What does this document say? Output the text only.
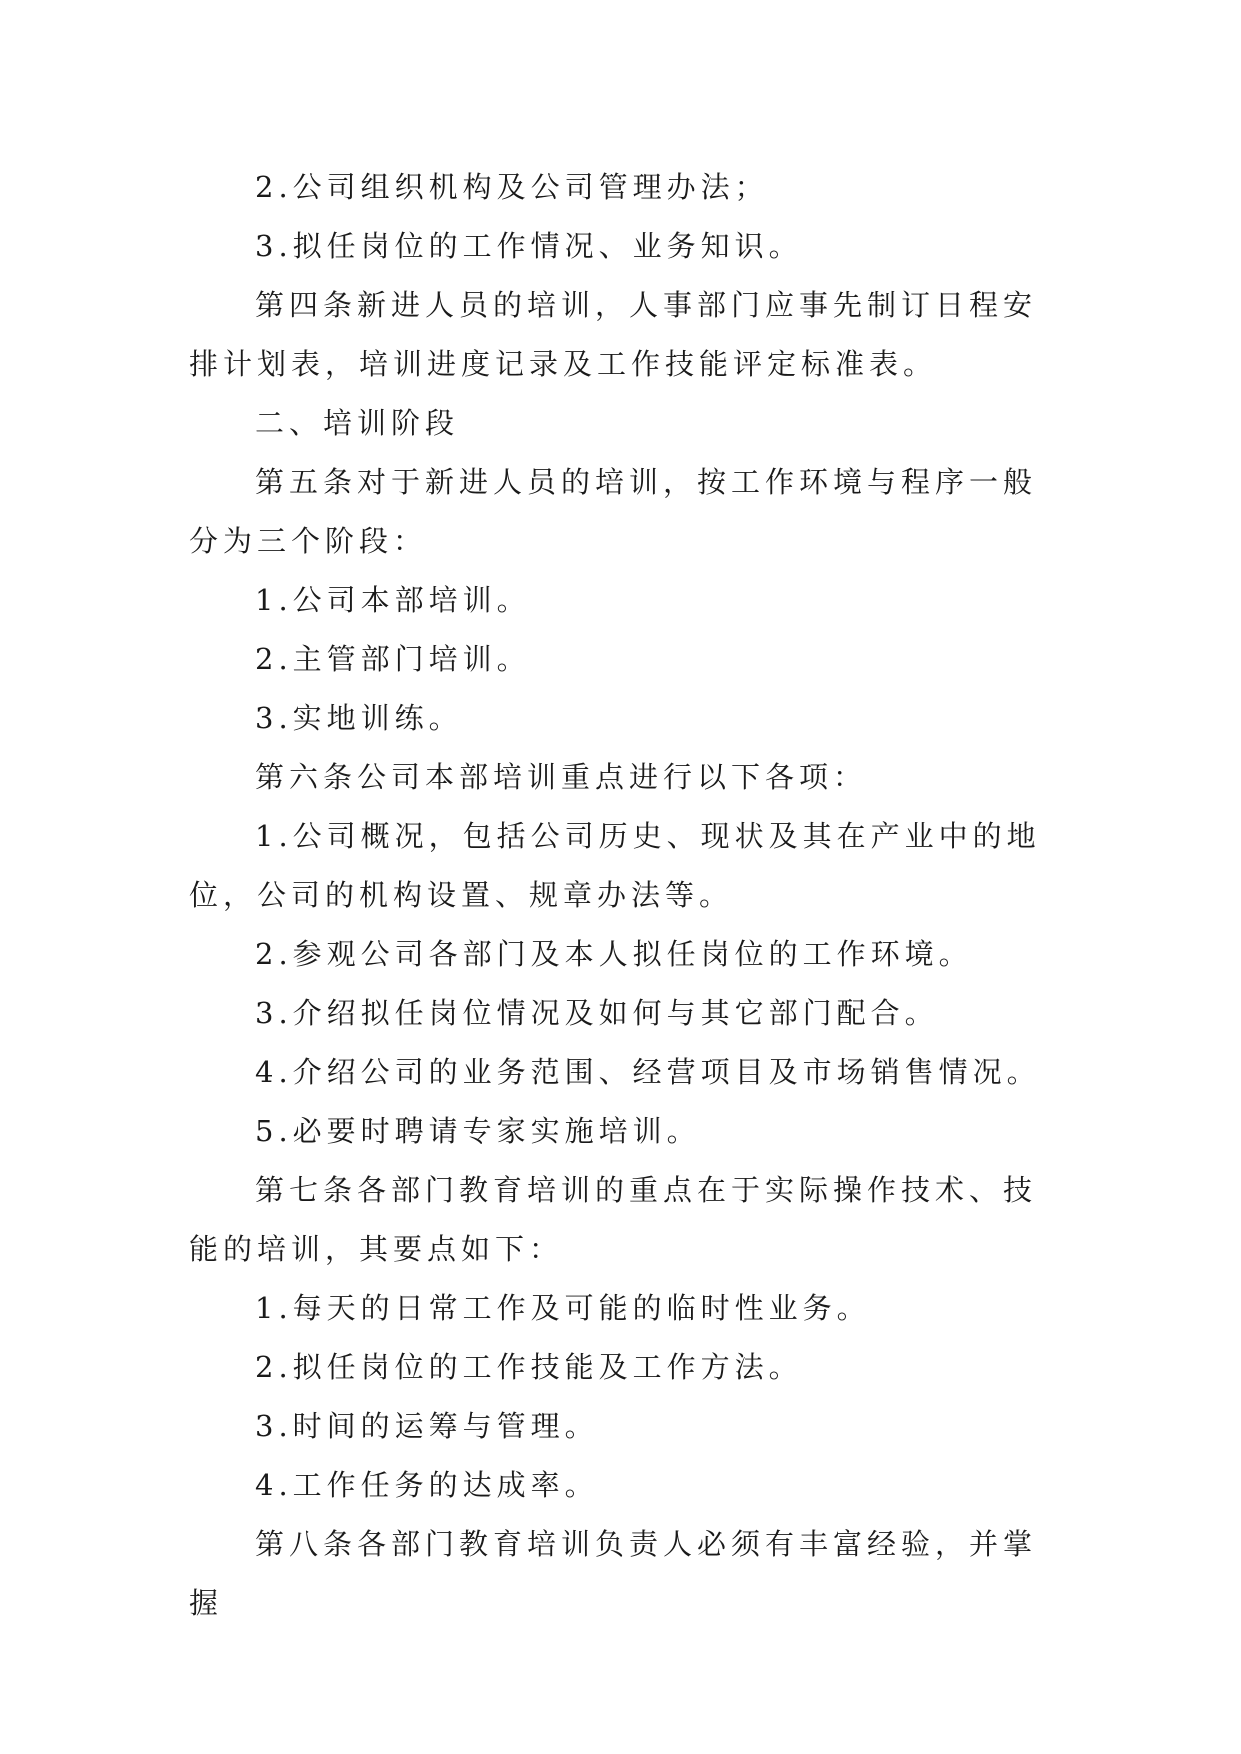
2.公司组织机构及公司管理办法；

3.拟任岗位的工作情况、业务知识。

第四条新进人员的培训，人事部门应事先制订日程安排计划表，培训进度记录及工作技能评定标准表。

二、培训阶段

第五条对于新进人员的培训，按工作环境与程序一般分为三个阶段：

1.公司本部培训。

2.主管部门培训。

3.实地训练。

第六条公司本部培训重点进行以下各项：

1.公司概况，包括公司历史、现状及其在产业中的地位，公司的机构设置、规章办法等。

2.参观公司各部门及本人拟任岗位的工作环境。

3.介绍拟任岗位情况及如何与其它部门配合。

4.介绍公司的业务范围、经营项目及市场销售情况。

5.必要时聘请专家实施培训。

第七条各部门教育培训的重点在于实际操作技术、技能的培训，其要点如下：

1.每天的日常工作及可能的临时性业务。

2.拟任岗位的工作技能及工作方法。

3.时间的运筹与管理。

4.工作任务的达成率。

第八条各部门教育培训负责人必须有丰富经验，并掌握
